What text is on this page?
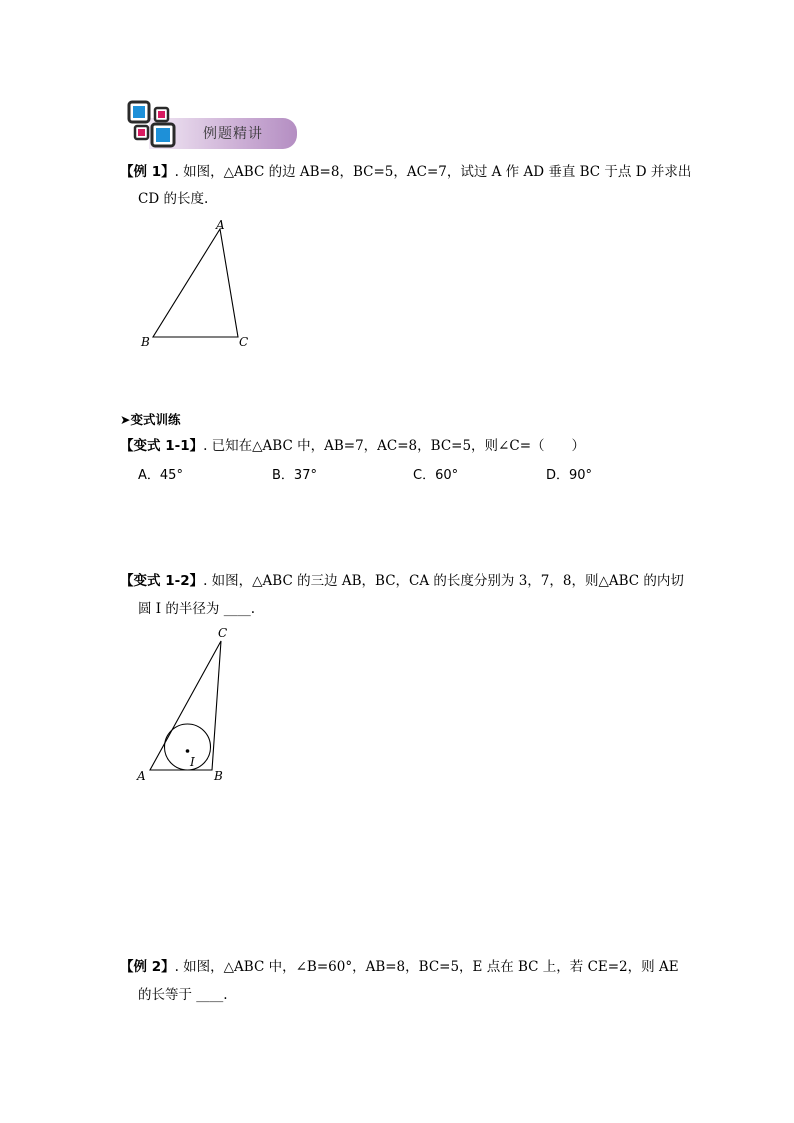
例题精讲
【例 1】. 如图，△ABC 的边 AB=8，BC=5，AC=7，试过 A 作 AD 垂直 BC 于点 D 并求出
CD 的长度.
A
B	C
➤变式训练
【变式 1-1】. 已知在△ABC 中，AB=7，AC=8，BC=5，则∠C=（　　）
A．45°	B．37°	C．60°	D．90°
【变式 1-2】. 如图，△ABC 的三边 AB，BC，CA 的长度分别为 3，7，8，则△ABC 的内切
圆 I 的半径为 ____.
C
A	B
I
【例 2】. 如图，△ABC 中，∠B=60°，AB=8，BC=5，E 点在 BC 上，若 CE=2，则 AE
的长等于 ____.
